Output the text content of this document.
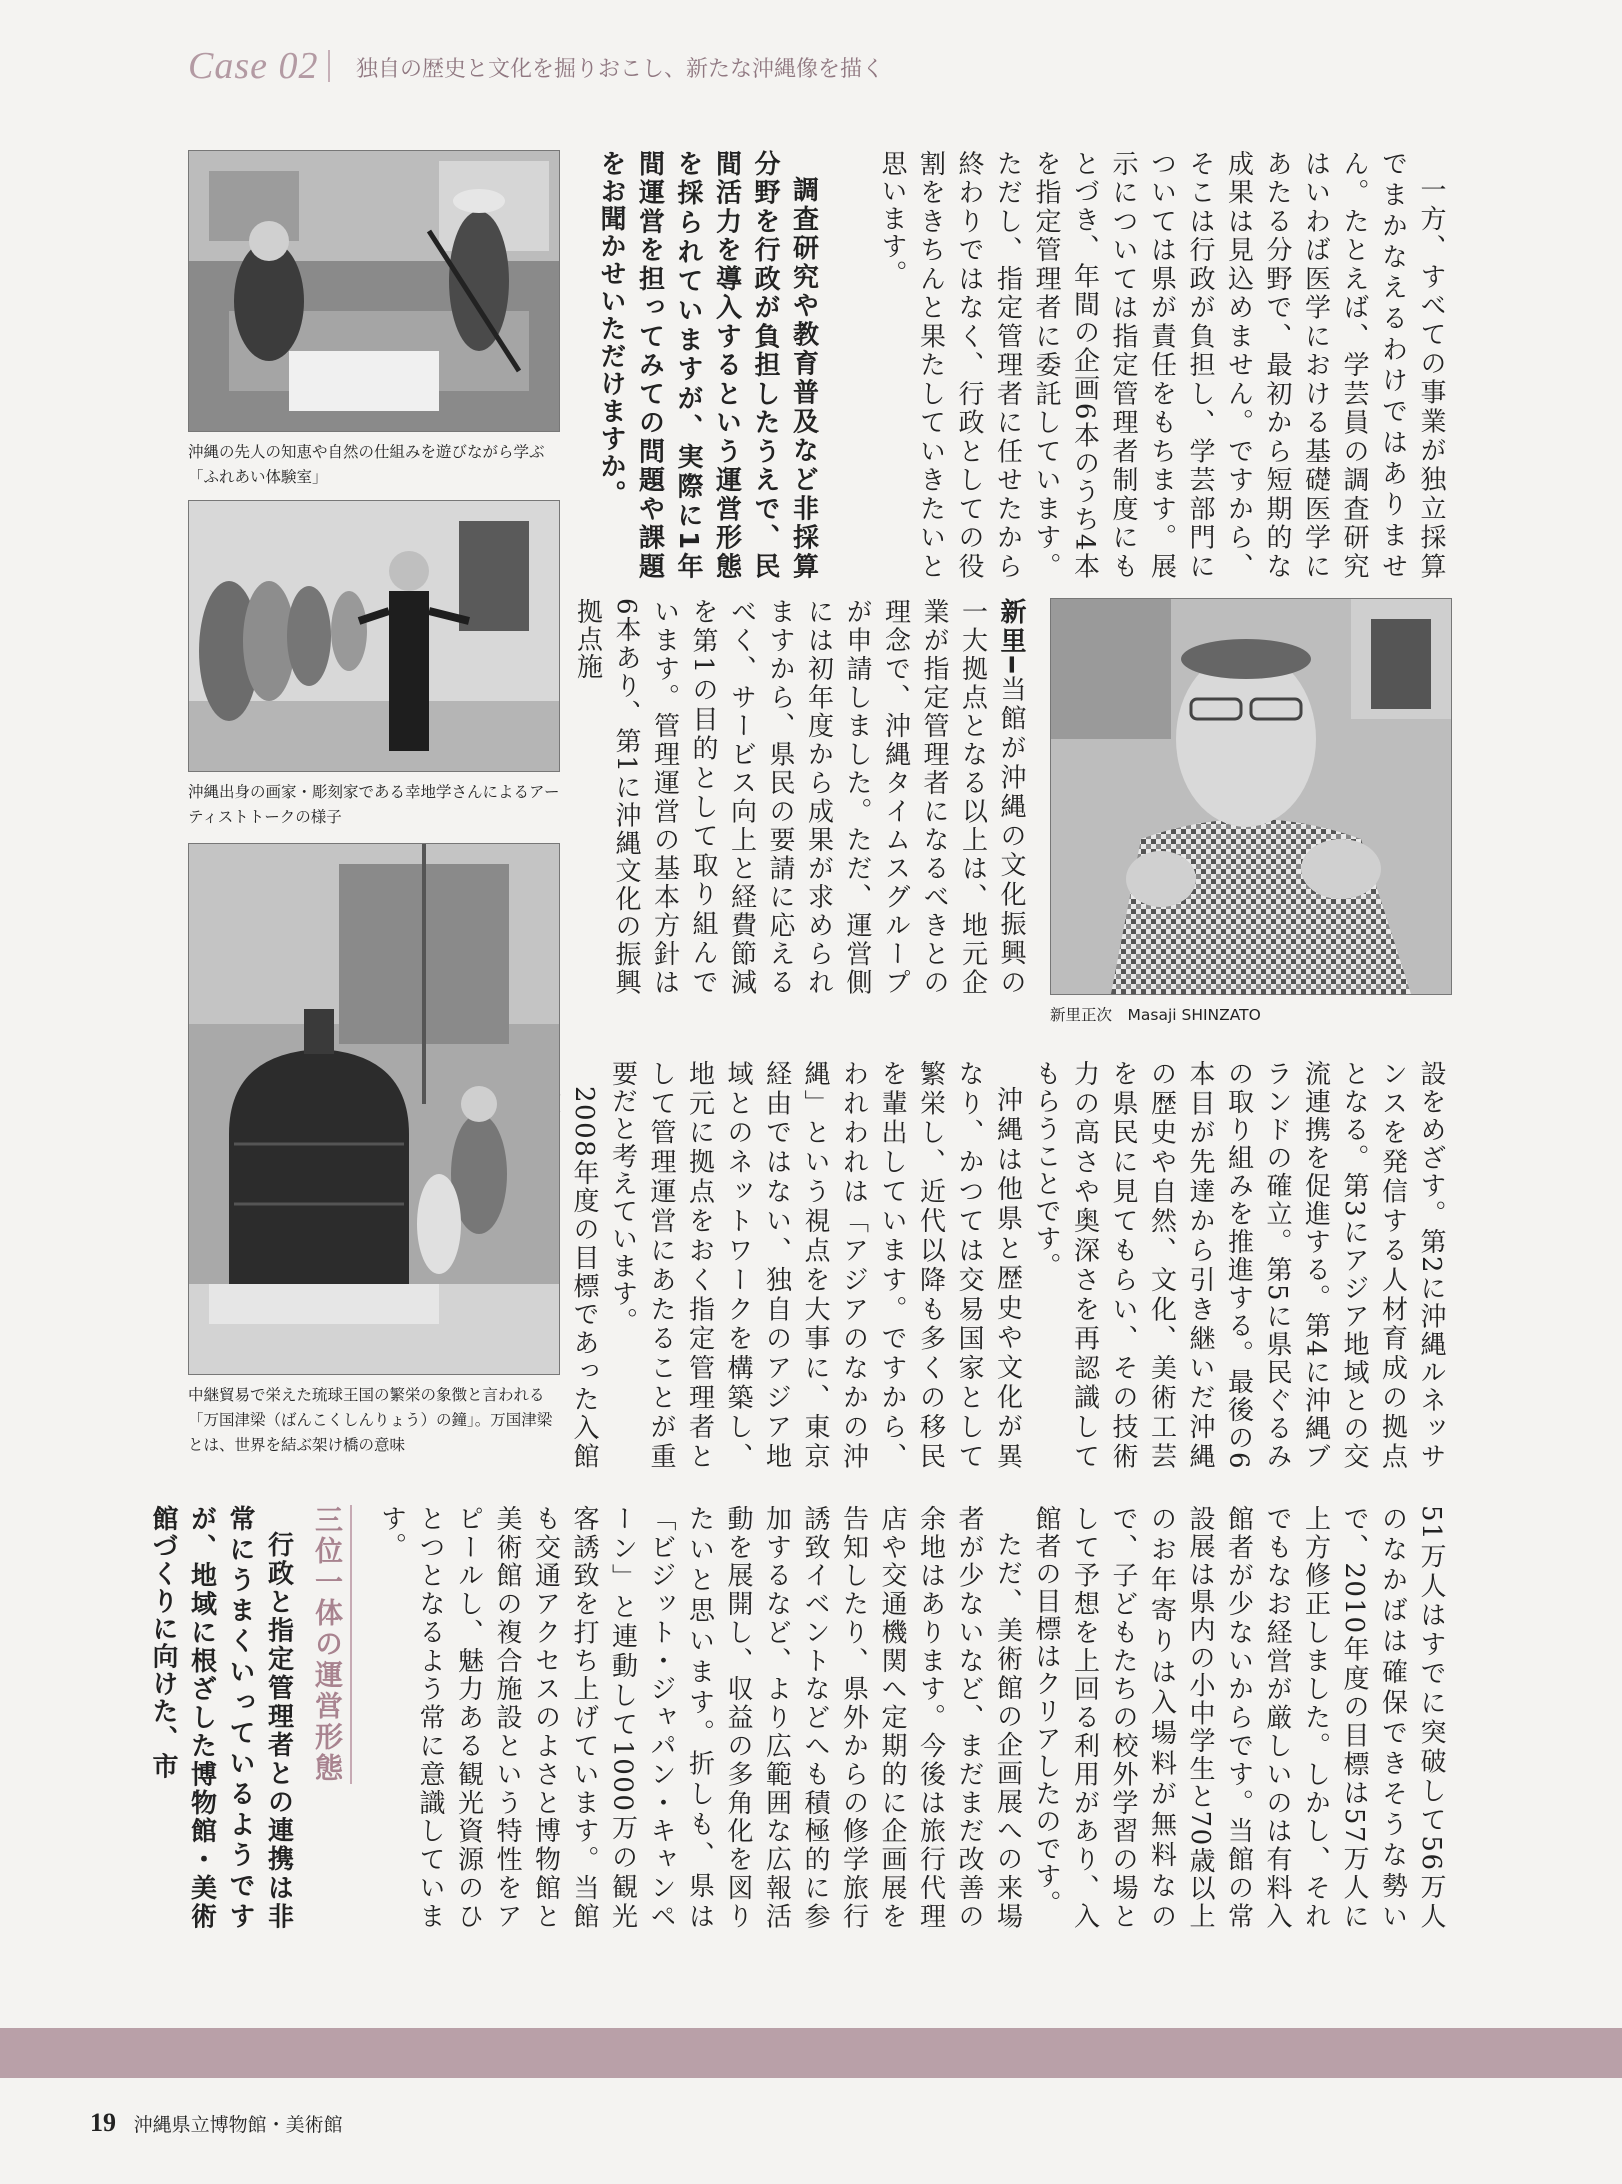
Case 02 独自の歴史と文化を掘りおこし、新たな沖縄像を描く

一方、すべての事業が独立採算でまかなえるわけではありません。たとえば、学芸員の調査研究はいわば医学における基礎医学にあたる分野で、最初から短期的な成果は見込めません。ですから、そこは行政が負担し、学芸部門については県が責任をもちます。展示については指定管理者制度にもとづき、年間の企画6本のうち4本を指定管理者に委託しています。ただし、指定管理者に任せたから終わりではなく、行政としての役割をきちんと果たしていきたいと思います。

調査研究や教育普及など非採算分野を行政が負担したうえで、民間活力を導入するという運営形態を採られていますが、実際に1年間運営を担ってみての問題や課題をお聞かせいただけますか。

新里━当館が沖縄の文化振興の一大拠点となる以上は、地元企業が指定管理者になるべきとの理念で、沖縄タイムスグループが申請しました。ただ、運営側には初年度から成果が求められますから、県民の要請に応えるべく、サービス向上と経費節減を第1の目的として取り組んでいます。管理運営の基本方針は6本あり、第1に沖縄文化の振興拠点施

設をめざす。第2に沖縄ルネッサンスを発信する人材育成の拠点となる。第3にアジア地域との交流連携を促進する。第4に沖縄ブランドの確立。第5に県民ぐるみの取り組みを推進する。最後の6本目が先達から引き継いだ沖縄の歴史や自然、文化、美術工芸を県民に見てもらい、その技術力の高さや奥深さを再認識してもらうことです。

沖縄は他県と歴史や文化が異なり、かつては交易国家として繁栄し、近代以降も多くの移民を輩出しています。ですから、われわれは「アジアのなかの沖縄」という視点を大事に、東京経由ではない、独自のアジア地域とのネットワークを構築し、地元に拠点をおく指定管理者として管理運営にあたることが重要だと考えています。

2008年度の目標であった入館

51万人はすでに突破して56万人のなかばは確保できそうな勢いで、2010年度の目標は57万人に上方修正しました。しかし、それでもなお経営が厳しいのは有料入館者が少ないからです。当館の常設展は県内の小中学生と70歳以上のお年寄りは入場料が無料なので、子どもたちの校外学習の場として予想を上回る利用があり、入館者の目標はクリアしたのです。

ただ、美術館の企画展への来場者が少ないなど、まだまだ改善の余地はあります。今後は旅行代理店や交通機関へ定期的に企画展を告知したり、県外からの修学旅行誘致イベントなどへも積極的に参加するなど、より広範囲な広報活動を展開し、収益の多角化を図りたいと思います。折しも、県は「ビジット・ジャパン・キャンペーン」と連動して1000万の観光客誘致を打ち上げています。当館も交通アクセスのよさと博物館と美術館の複合施設という特性をアピールし、魅力ある観光資源のひとつとなるよう常に意識しています。

三位一体の運営形態

行政と指定管理者との連携は非常にうまくいっているようですが、地域に根ざした博物館・美術館づくりに向けた、市

新里正次　Masaji SHINZATO
沖縄の先人の知恵や自然の仕組みを遊びながら学ぶ「ふれあい体験室」
沖縄出身の画家・彫刻家である幸地学さんによるアーティストトークの様子
中継貿易で栄えた琉球王国の繁栄の象徴と言われる「万国津梁（ばんこくしんりょう）の鐘」。万国津梁とは、世界を結ぶ架け橋の意味
19 沖縄県立博物館・美術館
